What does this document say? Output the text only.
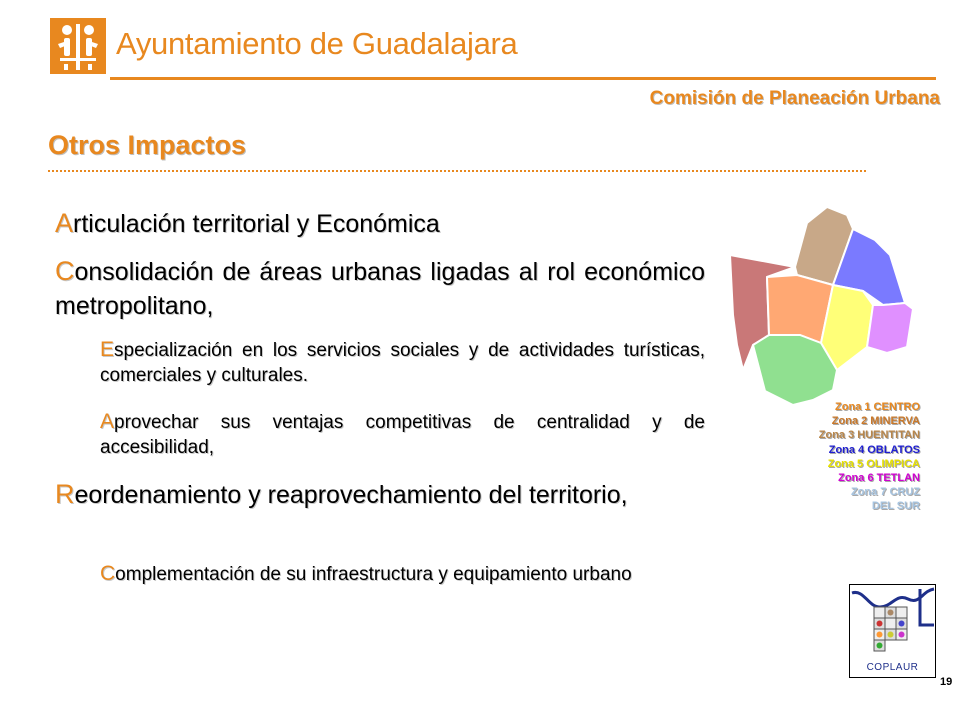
Ayuntamiento de Guadalajara
Comisión de Planeación Urbana
Otros Impactos
Articulación territorial y Económica
Consolidación de áreas urbanas ligadas al rol económico metropolitano,
Especialización en los servicios sociales y de actividades turísticas, comerciales y culturales.
Aprovechar sus ventajas competitivas de centralidad y de accesibilidad,
Reordenamiento y reaprovechamiento del territorio,
Complementación de su infraestructura y equipamiento urbano
Zona 1 CENTRO
Zona 2 MINERVA
Zona 3 HUENTITAN
Zona 4 OBLATOS
Zona 5 OLIMPICA
Zona 6 TETLAN
Zona 7 CRUZ DEL SUR
COPLAUR
19
